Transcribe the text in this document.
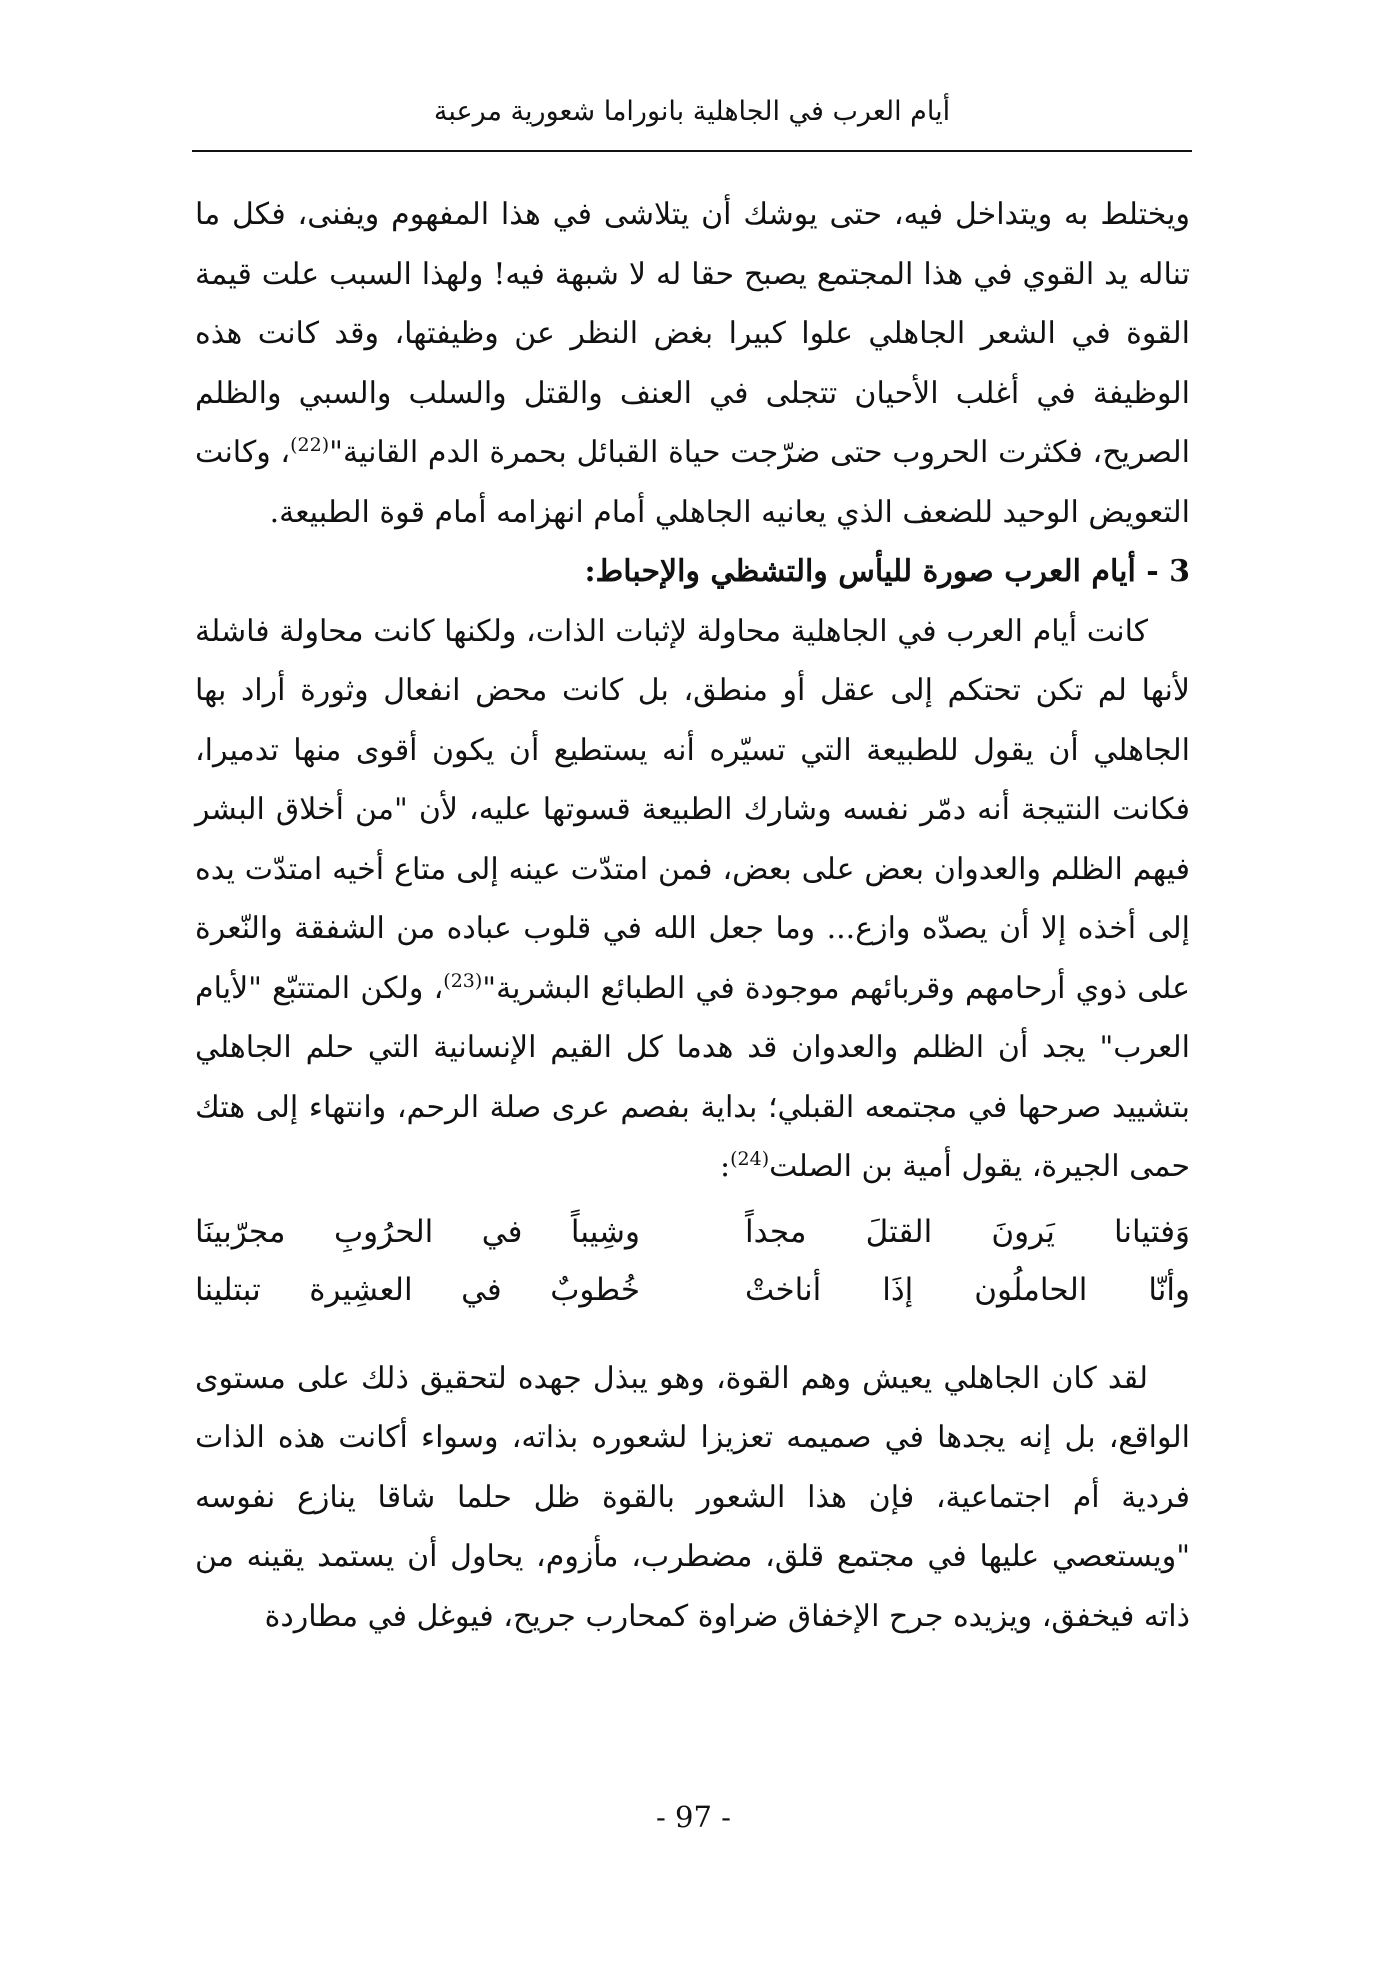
أيام العرب في الجاهلية بانوراما شعورية مرعبة

ويختلط به ويتداخل فيه، حتى يوشك أن يتلاشى في هذا المفهوم ويفنى، فكل ما تناله يد القوي في هذا المجتمع يصبح حقا له لا شبهة فيه! ولهذا السبب علت قيمة القوة في الشعر الجاهلي علوا كبيرا بغض النظر عن وظيفتها، وقد كانت هذه الوظيفة في أغلب الأحيان تتجلى في العنف والقتل والسلب والسبي والظلم الصريح، فكثرت الحروب حتى ضرّجت حياة القبائل بحمرة الدم القانية"$^{(22)}$، وكانت التعويض الوحيد للضعف الذي يعانيه الجاهلي أمام انهزامه أمام قوة الطبيعة.

3 - أيام العرب صورة لليأس والتشظي والإحباط:

كانت أيام العرب في الجاهلية محاولة لإثبات الذات، ولكنها كانت محاولة فاشلة لأنها لم تكن تحتكم إلى عقل أو منطق، بل كانت محض انفعال وثورة أراد بها الجاهلي أن يقول للطبيعة التي تسيّره أنه يستطيع أن يكون أقوى منها تدميرا، فكانت النتيجة أنه دمّر نفسه وشارك الطبيعة قسوتها عليه، لأن "من أخلاق البشر فيهم الظلم والعدوان بعض على بعض، فمن امتدّت عينه إلى متاع أخيه امتدّت يده إلى أخذه إلا أن يصدّه وازع... وما جعل الله في قلوب عباده من الشفقة والنّعرة على ذوي أرحامهم وقربائهم موجودة في الطبائع البشرية"$^{(23)}$، ولكن المتتبّع "لأيام العرب" يجد أن الظلم والعدوان قد هدما كل القيم الإنسانية التي حلم الجاهلي بتشييد صرحها في مجتمعه القبلي؛ بداية بفصم عرى صلة الرحم، وانتهاء إلى هتك حمى الجيرة، يقول أمية بن الصلت$^{(24)}$:

وَفتيانا يَرونَ القتلَ مجداً
وشِيباً في الحرُوبِ مجرّبينَا
وأنّا الحاملُون إذَا أناختْ
خُطوبٌ في العشِيرة تبتلينا

لقد كان الجاهلي يعيش وهم القوة، وهو يبذل جهده لتحقيق ذلك على مستوى الواقع، بل إنه يجدها في صميمه تعزيزا لشعوره بذاته، وسواء أكانت هذه الذات فردية أم اجتماعية، فإن هذا الشعور بالقوة ظل حلما شاقا ينازع نفوسه "ويستعصي عليها في مجتمع قلق، مضطرب، مأزوم، يحاول أن يستمد يقينه من ذاته فيخفق، ويزيده جرح الإخفاق ضراوة كمحارب جريح، فيوغل في مطاردة

- 97 -
